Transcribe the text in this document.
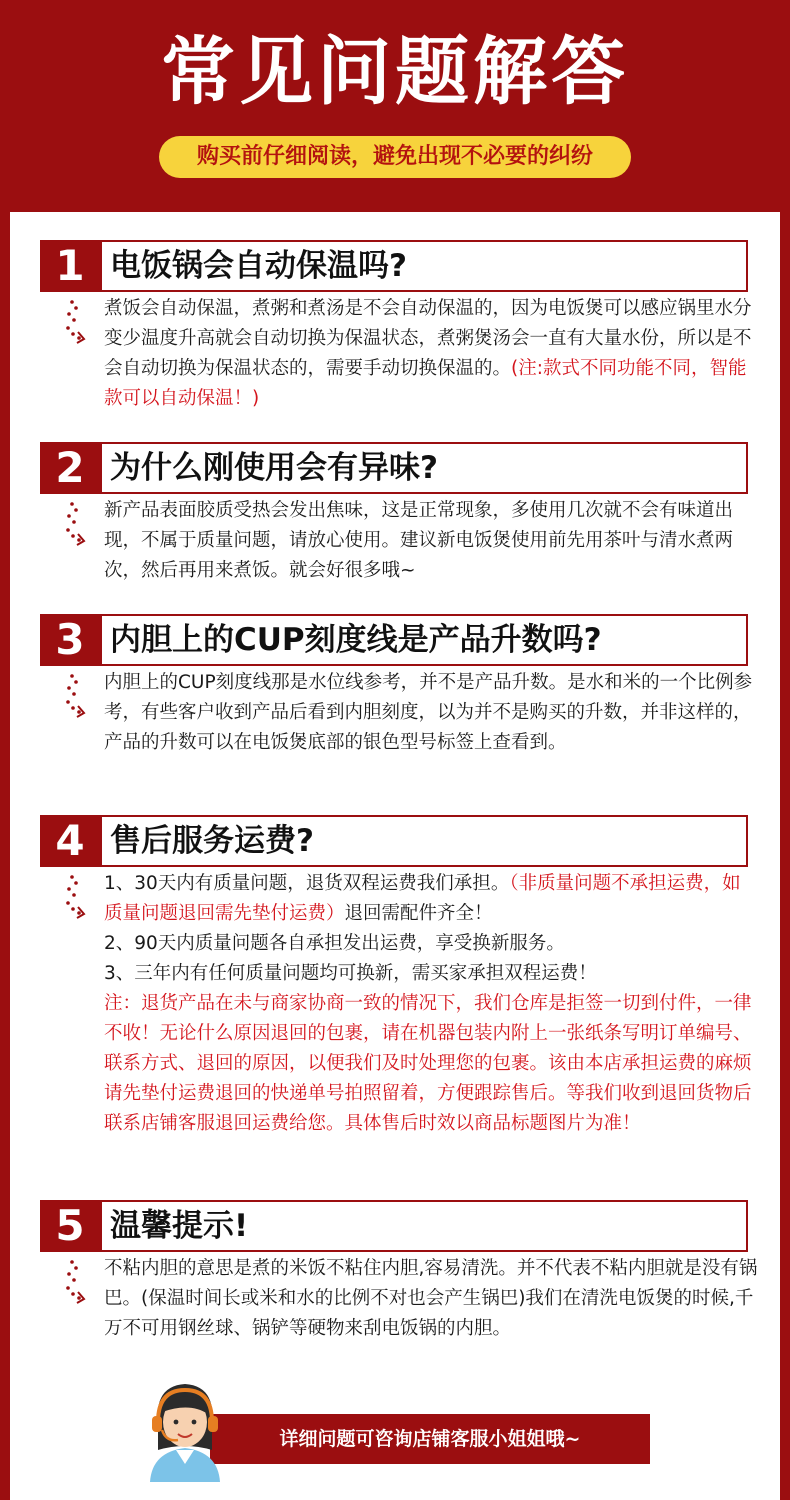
常见问题解答
购买前仔细阅读，避免出现不必要的纠纷
1 电饭锅会自动保温吗?
煮饭会自动保温，煮粥和煮汤是不会自动保温的，因为电饭煲可以感应锅里水分变少温度升高就会自动切换为保温状态，煮粥煲汤会一直有大量水份，所以是不会自动切换为保温状态的，需要手动切换保温的。(注:款式不同功能不同，智能款可以自动保温！)
2 为什么刚使用会有异味?
新产品表面胶质受热会发出焦味，这是正常现象，多使用几次就不会有味道出现，不属于质量问题，请放心使用。建议新电饭煲使用前先用茶叶与清水煮两次，然后再用来煮饭。就会好很多哦~
3 内胆上的CUP刻度线是产品升数吗?
内胆上的CUP刻度线那是水位线参考，并不是产品升数。是水和米的一个比例参考，有些客户收到产品后看到内胆刻度，以为并不是购买的升数，并非这样的，产品的升数可以在电饭煲底部的银色型号标签上查看到。
4 售后服务运费?

1、30天内有质量问题，退货双程运费我们承担。（非质量问题不承担运费，如质量问题退回需先垫付运费）退回需配件齐全！

2、90天内质量问题各自承担发出运费，享受换新服务。

3、三年内有任何质量问题均可换新，需买家承担双程运费！

注：退货产品在未与商家协商一致的情况下，我们仓库是拒签一切到付件，一律不收！无论什么原因退回的包裹，请在机器包装内附上一张纸条写明订单编号、联系方式、退回的原因，以便我们及时处理您的包裹。该由本店承担运费的麻烦请先垫付运费退回的快递单号拍照留着，方便跟踪售后。等我们收到退回货物后联系店铺客服退回运费给您。具体售后时效以商品标题图片为准！

5 温馨提示!
不粘内胆的意思是煮的米饭不粘住内胆,容易清洗。并不代表不粘内胆就是没有锅巴。(保温时间长或米和水的比例不对也会产生锅巴)我们在清洗电饭煲的时候,千万不可用钢丝球、锅铲等硬物来刮电饭锅的内胆。
详细问题可咨询店铺客服小姐姐哦~
